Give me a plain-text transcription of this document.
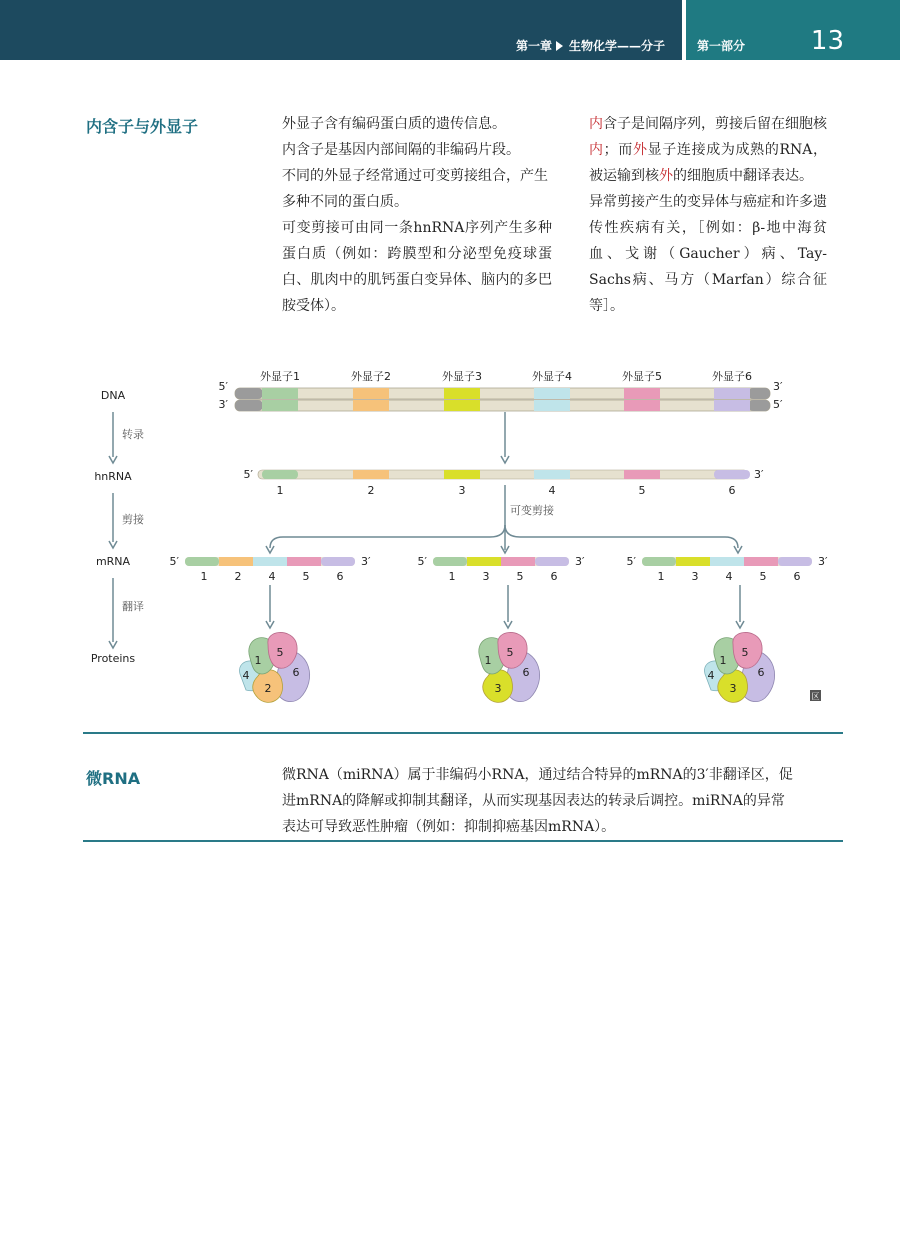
第一章 生物化学——分子	第一部分	13
内含子与外显子	外显子含有编码蛋白质的遗传信息。

内含子是基因内部间隔的非编码片段。

不同的外显子经常通过可变剪接组合，产生多种不同的蛋白质。

可变剪接可由同一条hnRNA序列产生多种蛋白质（例如：跨膜型和分泌型免疫球蛋白、肌肉中的肌钙蛋白变异体、脑内的多巴胺受体）。

内含子是间隔序列，剪接后留在细胞核内；而外显子连接成为成熟的RNA，被运输到核外的细胞质中翻译表达。

异常剪接产生的变异体与癌症和许多遗传性疾病有关，［例如：β-地中海贫血、戈谢（Gaucher）病、Tay-Sachs病、马方（Marfan）综合征等］。

DNA
hnRNA
mRNA
Proteins
转录
剪接
翻译
5′
3′
3′
5′
外显子1	外显子2	外显子3	外显子4	外显子5	外显子6
5′	3′
1	2	3	4	5	6
可变剪接
1 2 4 5 6
5′	3′
1 3 5 6
5′	3′
1 3 4 5 6
5′	3′
1
5
6
4
2
1
5
6
3
1
5
6
4
3
区
微RNA	微RNA（miRNA）属于非编码小RNA，通过结合特异的mRNA的3′非翻译区，促

进mRNA的降解或抑制其翻译，从而实现基因表达的转录后调控。miRNA的异常

表达可导致恶性肿瘤（例如：抑制抑癌基因mRNA）。
